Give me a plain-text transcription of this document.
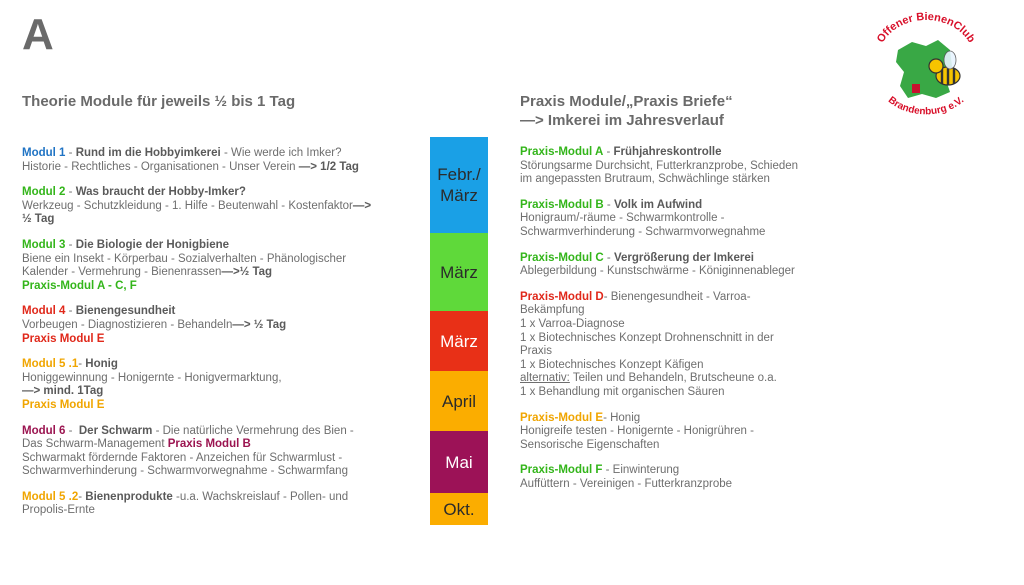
A
Theorie Module für jeweils ½ bis 1 Tag
Modul 1 - Rund im die Hobbyimkerei - Wie werde ich Imker?
Historie - Rechtliches - Organisationen - Unser Verein —> 1/2 Tag
Modul 2 - Was braucht der Hobby-Imker?
Werkzeug - Schutzkleidung - 1. Hilfe - Beutenwahl - Kostenfaktor—>
½ Tag
Modul 3 - Die Biologie der Honigbiene
Biene ein Insekt - Körperbau - Sozialverhalten - Phänologischer
Kalender - Vermehrung - Bienenrassen—>½ Tag
Praxis-Modul A - C, F
Modul 4 - Bienengesundheit
Vorbeugen - Diagnostizieren - Behandeln—> ½ Tag
Praxis Modul E
Modul 5 .1- Honig
Honiggewinnung - Honigernte - Honigvermarktung,
—> mind. 1Tag
Praxis Modul E
Modul 6 -  Der Schwarm - Die natürliche Vermehrung des Bien -
Das Schwarm-Management Praxis Modul B
Schwarmakt fördernde Faktoren - Anzeichen für Schwarmlust -
Schwarmverhinderung - Schwarmvorwegnahme - Schwarmfang
Modul 5 .2- Bienenprodukte -u.a. Wachskreislauf - Pollen- und
Propolis-Ernte
Febr./
März
März
März
April
Mai
Okt.
Praxis Module/„Praxis Briefe“
—> Imkerei im Jahresverlauf
Praxis-Modul A - Frühjahreskontrolle
Störungsarme Durchsicht, Futterkranzprobe, Schieden
im angepassten Brutraum, Schwächlinge stärken
Praxis-Modul B - Volk im Aufwind
Honigraum/-räume - Schwarmkontrolle -
Schwarmverhinderung - Schwarmvorwegnahme
Praxis-Modul C - Vergrößerung der Imkerei
Ablegerbildung - Kunstschwärme - Königinnenableger
Praxis-Modul D- Bienengesundheit - Varroa-
Bekämpfung
1 x Varroa-Diagnose
1 x Biotechnisches Konzept Drohnenschnitt in der
Praxis
1 x Biotechnisches Konzept Käfigen
alternativ: Teilen und Behandeln, Brutscheune o.a.
1 x Behandlung mit organischen Säuren
Praxis-Modul E- Honig
Honigreife testen - Honigernte - Honigrühren -
Sensorische Eigenschaften
Praxis-Modul F - Einwinterung
Auffüttern - Vereinigen - Futterkranzprobe
Offener BienenClub
Brandenburg e.V.
